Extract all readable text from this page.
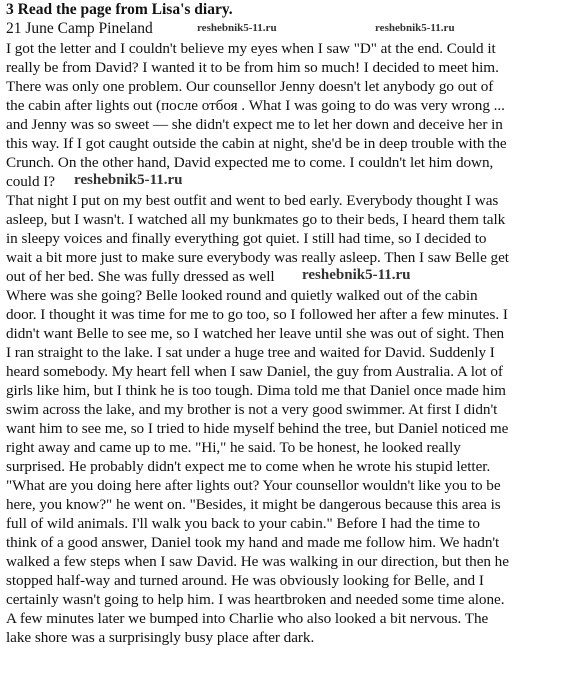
3 Read the page from Lisa's diary.
21 June Camp Pineland
I got the letter and I couldn't believe my eyes when I saw "D" at the end. Could it
really be from David? I wanted it to be from him so much! I decided to meet him.
There was only one problem. Our counsellor Jenny doesn't let anybody go out of
the cabin after lights out (после отбоя . What I was going to do was very wrong ...
and Jenny was so sweet — she didn't expect me to let her down and deceive her in
this way. If I got caught outside the cabin at night, she'd be in deep trouble with the
Crunch. On the other hand, David expected me to come. I couldn't let him down,
could I?
That night I put on my best outfit and went to bed early. Everybody thought I was
asleep, but I wasn't. I watched all my bunkmates go to their beds, I heard them talk
in sleepy voices and finally everything got quiet. I still had time, so I decided to
wait a bit more just to make sure everybody was really asleep. Then I saw Belle get
out of her bed. She was fully dressed as well
Where was she going? Belle looked round and quietly walked out of the cabin
door. I thought it was time for me to go too, so I followed her after a few minutes. I
didn't want Belle to see me, so I watched her leave until she was out of sight. Then
I ran straight to the lake. I sat under a huge tree and waited for David. Suddenly I
heard somebody. My heart fell when I saw Daniel, the guy from Australia. A lot of
girls like him, but I think he is too tough. Dima told me that Daniel once made him
swim across the lake, and my brother is not a very good swimmer. At first I didn't
want him to see me, so I tried to hide myself behind the tree, but Daniel noticed me
right away and came up to me. "Hi," he said. To be honest, he looked really
surprised. He probably didn't expect me to come when he wrote his stupid letter.
"What are you doing here after lights out? Your counsellor wouldn't like you to be
here, you know?" he went on. "Besides, it might be dangerous because this area is
full of wild animals. I'll walk you back to your cabin." Before I had the time to
think of a good answer, Daniel took my hand and made me follow him. We hadn't
walked a few steps when I saw David. He was walking in our direction, but then he
stopped half-way and turned around. He was obviously looking for Belle, and I
certainly wasn't going to help him. I was heartbroken and needed some time alone.
A few minutes later we bumped into Charlie who also looked a bit nervous. The
lake shore was a surprisingly busy place after dark.
reshebnik5-11.ru	reshebnik5-11.ru
reshebnik5-11.ru
reshebnik5-11.ru
